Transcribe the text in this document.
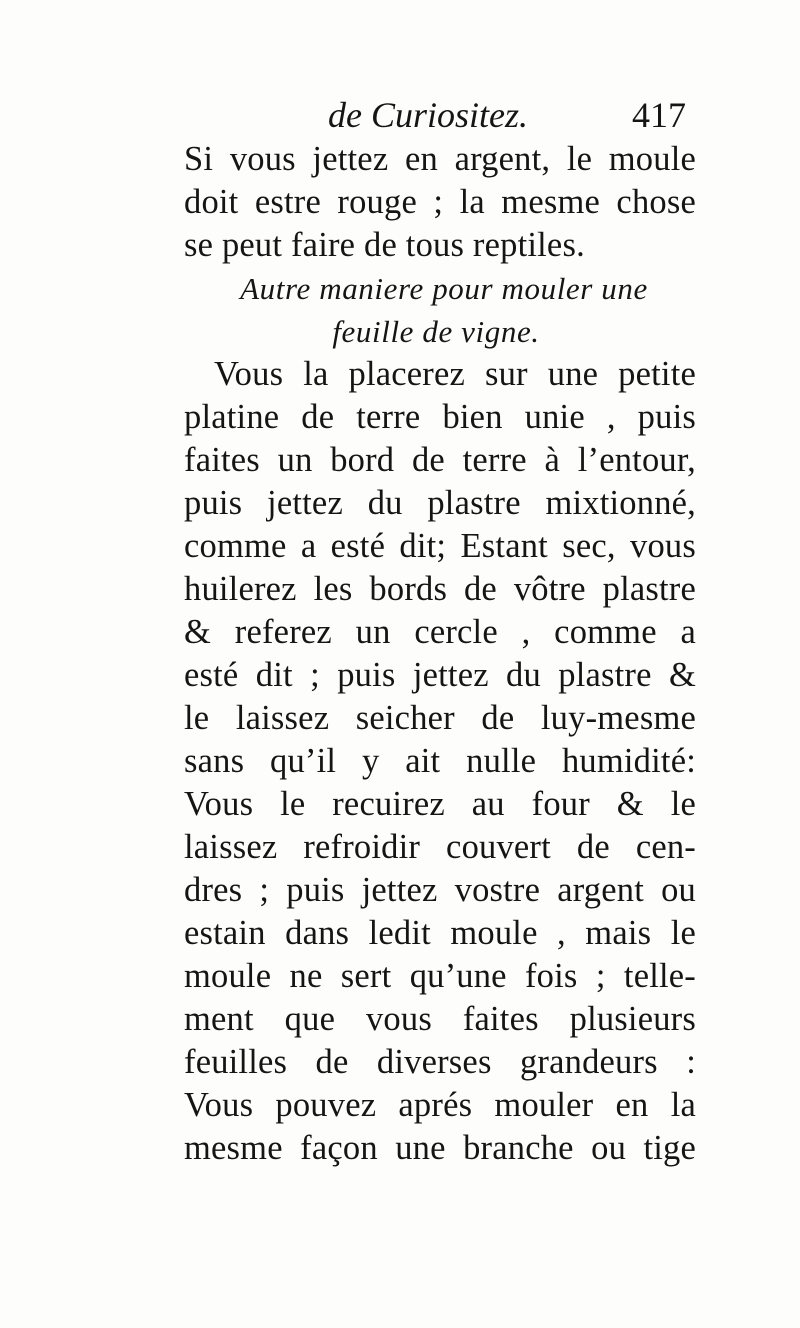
de Curiositez.	417
Si vous jettez en argent, le moule
doit estre rouge ; la mesme chose
se peut faire de tous reptiles.
Autre maniere pour mouler une
feuille de vigne.
Vous la placerez sur une petite
platine de terre bien unie , puis
faites un bord de terre à l’entour,
puis jettez du plastre mixtionné,
comme a esté dit; Estant sec, vous
huilerez les bords de vôtre plastre
& referez un cercle , comme a
esté dit ; puis jettez du plastre &
le laissez seicher de luy-mesme
sans qu’il y ait nulle humidité:
Vous le recuirez au four & le
laissez refroidir couvert de cen-
dres ; puis jettez vostre argent ou
estain dans ledit moule , mais le
moule ne sert qu’une fois ; telle-
ment que vous faites plusieurs
feuilles de diverses grandeurs :
Vous pouvez aprés mouler en la
mesme façon une branche ou tige
